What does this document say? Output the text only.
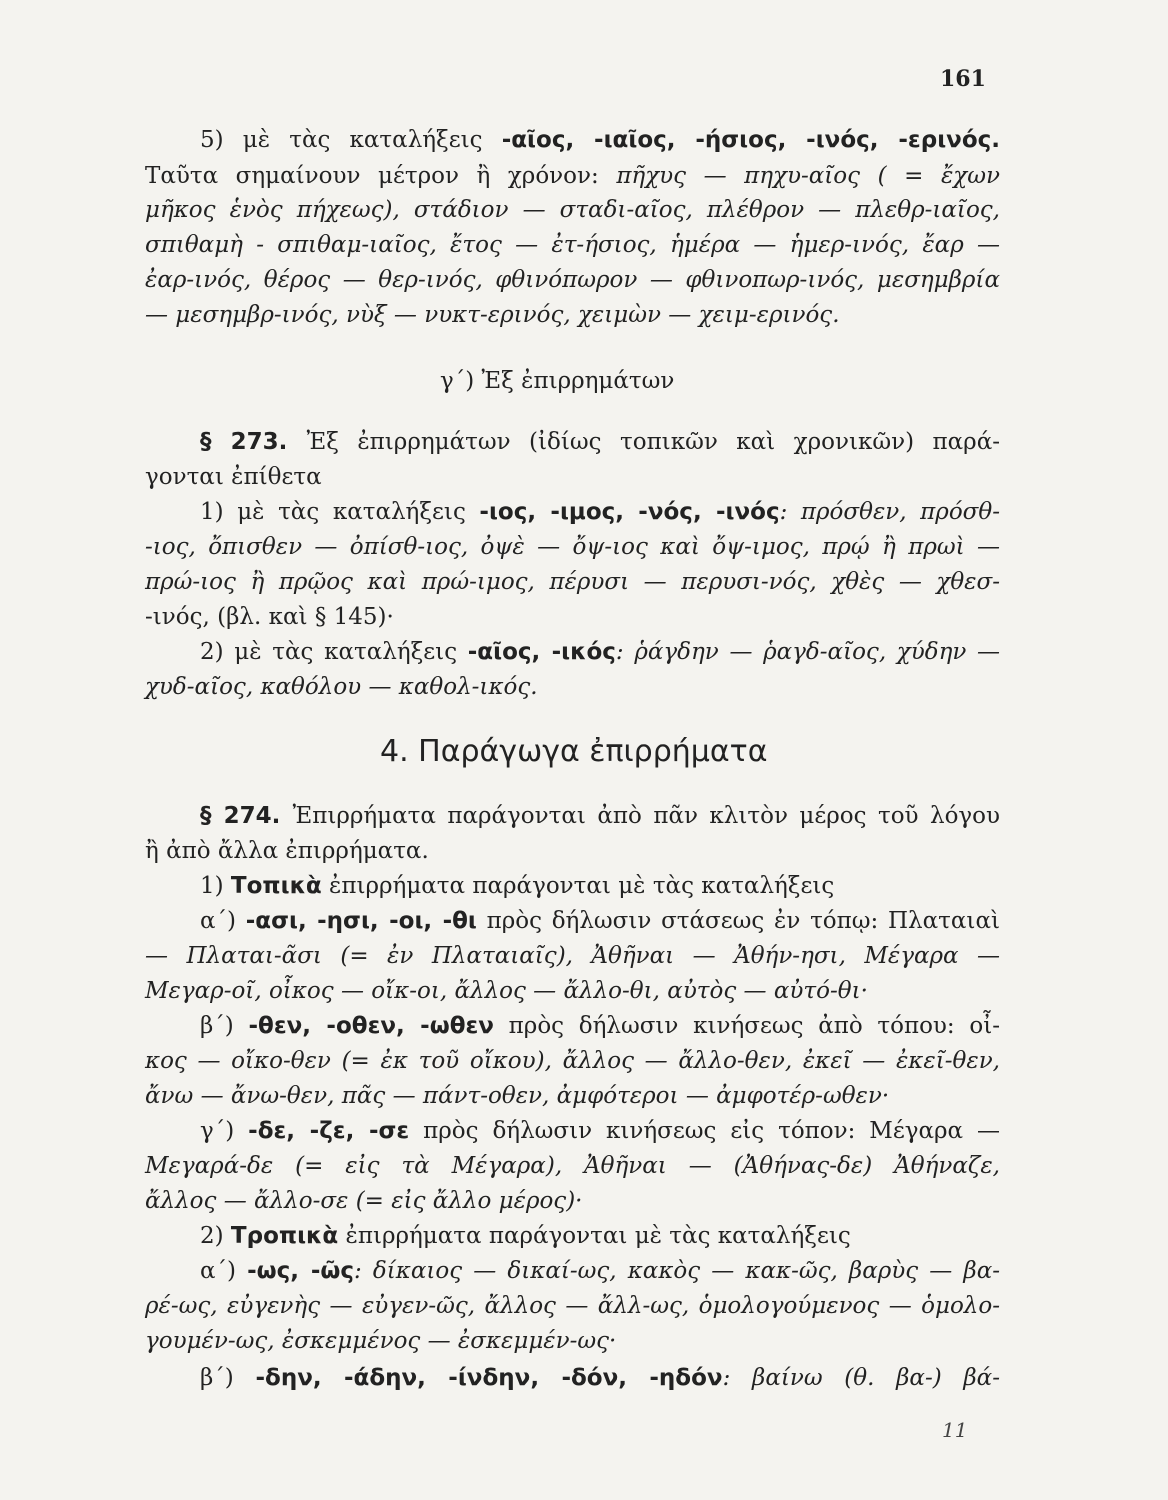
161
5) μὲ τὰς καταλήξεις -αῖος, -ιαῖος, -ήσιος, -ινός, -ερινός.
Ταῦτα σημαίνουν μέτρον ἢ χρόνον: πῆχυς — πηχυ-αῖος ( = ἔχων
μῆκος ἑνὸς πήχεως), στάδιον — σταδι-αῖος, πλέθρον — πλεθρ-ιαῖος,
σπιθαμὴ - σπιθαμ-ιαῖος, ἔτος — ἐτ-ήσιος, ἡμέρα — ἡμερ-ινός, ἔαρ —
ἐαρ-ινός, θέρος — θερ-ινός, φθινόπωρον — φθινοπωρ-ινός, μεσημβρία
— μεσημβρ-ινός, νὺξ — νυκτ-ερινός, χειμὼν — χειμ-ερινός.
γ΄) Ἐξ ἐπιρρημάτων
§ 273. Ἐξ ἐπιρρημάτων (ἰδίως τοπικῶν καὶ χρονικῶν) παρά-
γονται ἐπίθετα
1) μὲ τὰς καταλήξεις -ιος, -ιμος, -νός, -ινός: πρόσθεν, πρόσθ-
-ιος, ὄπισθεν — ὀπίσθ-ιος, ὀψὲ — ὄψ-ιος καὶ ὄψ-ιμος, πρῴ ἢ πρωὶ —
πρώ-ιος ἢ πρῷος καὶ πρώ-ιμος, πέρυσι — περυσι-νός, χθὲς — χθεσ-
-ινός, (βλ. καὶ § 145)·
2) μὲ τὰς καταλήξεις -αῖος, -ικός: ῥάγδην — ῥαγδ-αῖος, χύδην —
χυδ-αῖος, καθόλου — καθολ-ικός.
4. Παράγωγα ἐπιρρήματα
§ 274. Ἐπιρρήματα παράγονται ἀπὸ πᾶν κλιτὸν μέρος τοῦ λόγου
ἢ ἀπὸ ἄλλα ἐπιρρήματα.
1) Τοπικὰ ἐπιρρήματα παράγονται μὲ τὰς καταλήξεις
α΄) -ασι, -ησι, -οι, -θι πρὸς δήλωσιν στάσεως ἐν τόπῳ: Πλαταιαὶ
— Πλαται-ᾶσι (= ἐν Πλαταιαῖς), Ἀθῆναι — Ἀθήν-ησι, Μέγαρα —
Μεγαρ-οῖ, οἶκος — οἴκ-οι, ἄλλος — ἄλλο-θι, αὐτὸς — αὐτό-θι·
β΄) -θεν, -οθεν, -ωθεν πρὸς δήλωσιν κινήσεως ἀπὸ τόπου: οἶ-
κος — οἴκο-θεν (= ἐκ τοῦ οἴκου), ἄλλος — ἄλλο-θεν, ἐκεῖ — ἐκεῖ-θεν,
ἄνω — ἄνω-θεν, πᾶς — πάντ-οθεν, ἀμφότεροι — ἀμφοτέρ-ωθεν·
γ΄) -δε, -ζε, -σε πρὸς δήλωσιν κινήσεως εἰς τόπον: Μέγαρα —
Μεγαρά-δε (= εἰς τὰ Μέγαρα), Ἀθῆναι — (Ἀθήνας-δε) Ἀθήναζε,
ἄλλος — ἄλλο-σε (= εἰς ἄλλο μέρος)·
2) Τροπικὰ ἐπιρρήματα παράγονται μὲ τὰς καταλήξεις
α΄) -ως, -ῶς: δίκαιος — δικαί-ως, κακὸς — κακ-ῶς, βαρὺς — βα-
ρέ-ως, εὐγενὴς — εὐγεν-ῶς, ἄλλος — ἄλλ-ως, ὁμολογούμενος — ὁμολο-
γουμέν-ως, ἐσκεμμένος — ἐσκεμμέν-ως·
β΄) -δην, -άδην, -ίνδην, -δόν, -ηδόν: βαίνω (θ. βα-) βά-
11
